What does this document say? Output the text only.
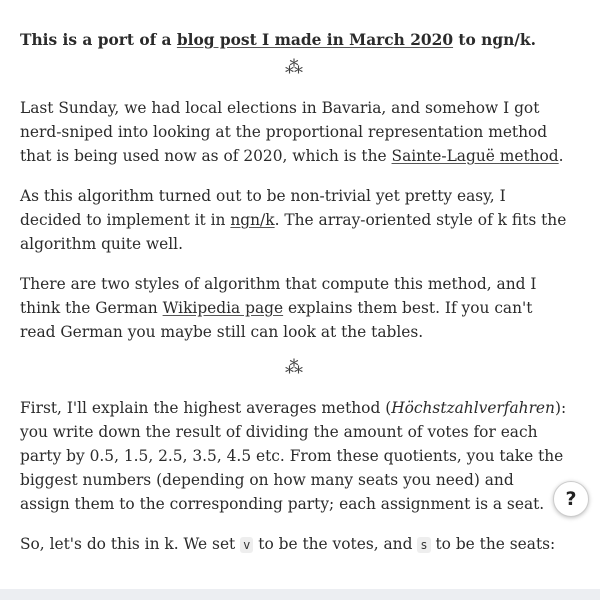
This is a port of a blog post I made in March 2020 to ngn/k.

⁂

Last Sunday, we had local elections in Bavaria, and somehow I got nerd-sniped into looking at the proportional representation method that is being used now as of 2020, which is the Sainte-Laguë method.

As this algorithm turned out to be non-trivial yet pretty easy, I decided to implement it in ngn/k. The array-oriented style of k fits the algorithm quite well.

There are two styles of algorithm that compute this method, and I think the German Wikipedia page explains them best. If you can't read German you maybe still can look at the tables.

⁂

First, I'll explain the highest averages method (Höchstzahlverfahren): you write down the result of dividing the amount of votes for each party by 0.5, 1.5, 2.5, 3.5, 4.5 etc. From these quotients, you take the biggest numbers (depending on how many seats you need) and assign them to the corresponding party; each assignment is a seat.

So, let's do this in k. We set v to be the votes, and s to be the seats:

?
